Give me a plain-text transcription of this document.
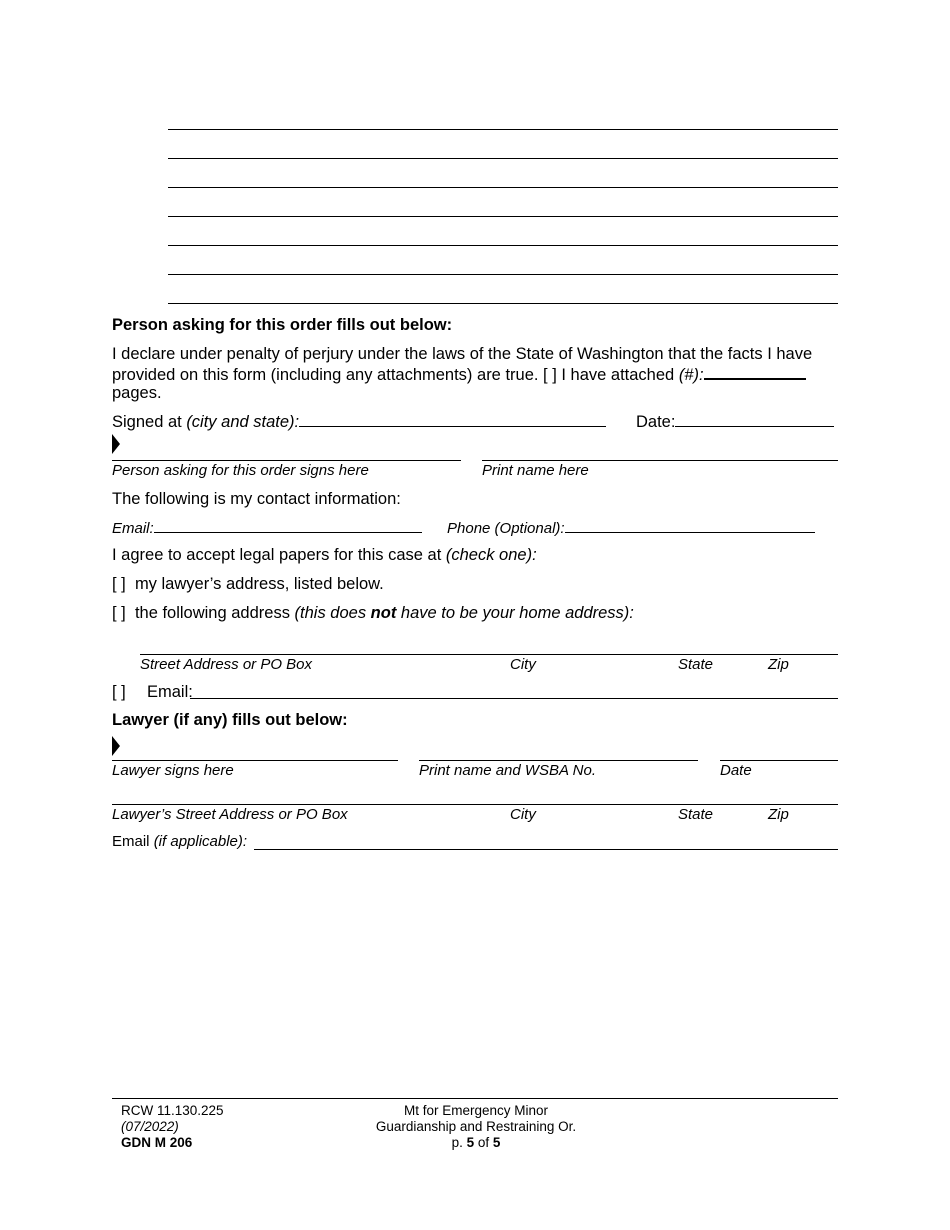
Person asking for this order fills out below:
I declare under penalty of perjury under the laws of the State of Washington that the facts I have
provided on this form (including any attachments) are true. [ ] I have attached (#):
pages.
Signed at (city and state):	Date:
Person asking for this order signs here	Print name here
The following is my contact information:
Email:	Phone (Optional):
I agree to accept legal papers for this case at (check one):
[ ] my lawyer’s address, listed below.
[ ] the following address (this does not have to be your home address):
Street Address or PO Box	City	State	Zip
[ ] Email:
Lawyer (if any) fills out below:
Lawyer signs here	Print name and WSBA No.	Date
Lawyer’s Street Address or PO Box	City	State	Zip
Email (if applicable):
RCW 11.130.225
(07/2022)
GDN M 206
Mt for Emergency Minor
Guardianship and Restraining Or.
p. 5 of 5
